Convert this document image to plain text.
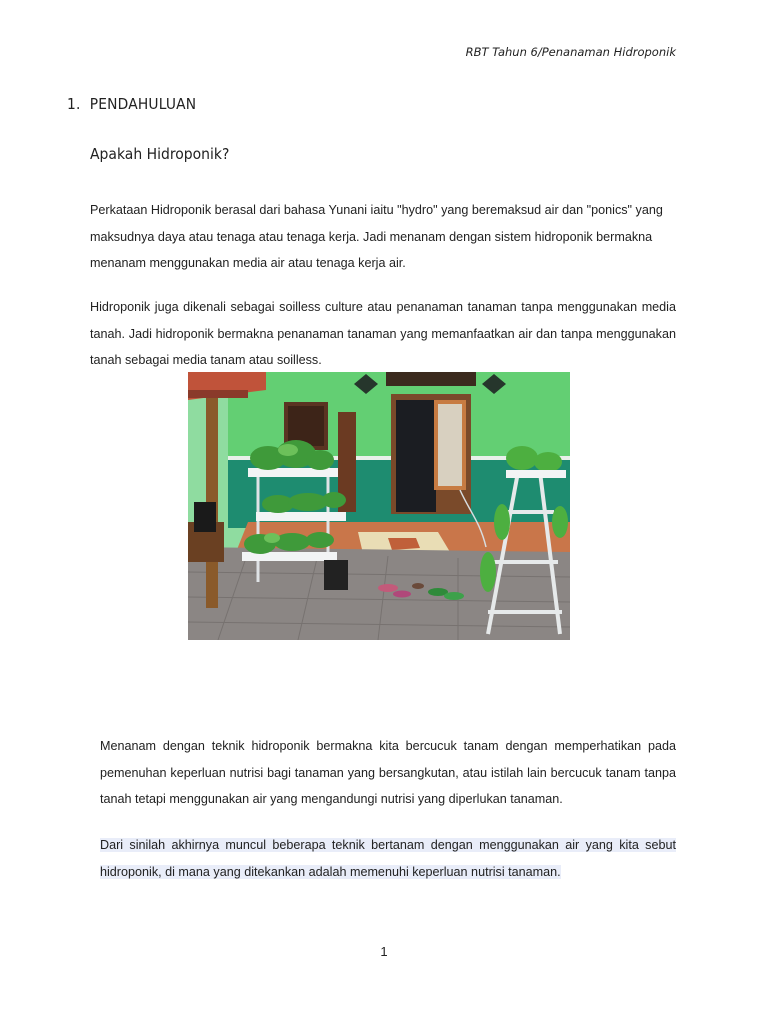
RBT Tahun 6/Penanaman Hidroponik
1. PENDAHULUAN
Apakah Hidroponik?
Perkataan Hidroponik berasal dari bahasa Yunani iaitu "hydro" yang beremaksud air dan "ponics" yang maksudnya daya atau tenaga atau tenaga kerja. Jadi menanam dengan sistem hidroponik bermakna menanam menggunakan media air atau tenaga kerja air.
Hidroponik juga dikenali sebagai soilless culture atau penanaman tanaman tanpa menggunakan media tanah. Jadi hidroponik bermakna penanaman tanaman yang memanfaatkan air dan tanpa menggunakan tanah sebagai media tanam atau soilless.
Menanam dengan teknik hidroponik bermakna kita bercucuk tanam dengan memperhatikan pada pemenuhan keperluan nutrisi bagi tanaman yang bersangkutan, atau istilah lain bercucuk tanam tanpa tanah tetapi menggunakan air yang mengandungi nutrisi yang diperlukan tanaman.
Dari sinilah akhirnya muncul beberapa teknik bertanam dengan menggunakan air yang kita sebut hidroponik, di mana yang ditekankan adalah memenuhi keperluan nutrisi tanaman.
1
